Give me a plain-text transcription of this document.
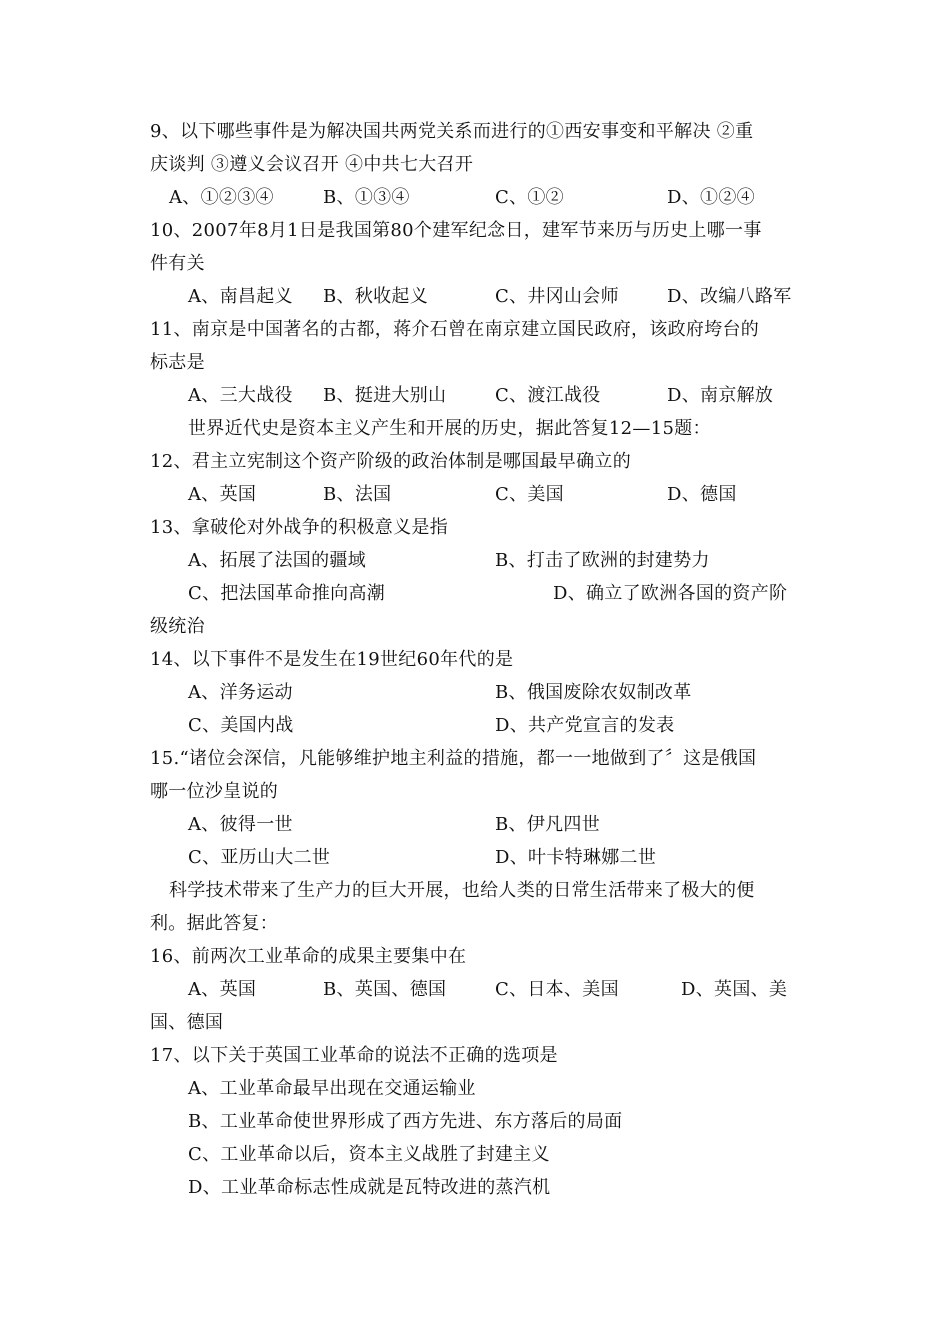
9、以下哪些事件是为解决国共两党关系而进行的①西安事变和平解决 ②重
庆谈判 ③遵义会议召开 ④中共七大召开
A、①②③④	B、①③④	C、①②	D、①②④
10、2007年8月1日是我国第80个建军纪念日，建军节来历与历史上哪一事
件有关
A、南昌起义 B、秋收起义	C、井冈山会师	D、改编八路军
11、南京是中国著名的古都，蒋介石曾在南京建立国民政府，该政府垮台的
标志是
A、三大战役 B、挺进大别山	C、渡江战役	D、南京解放
世界近代史是资本主义产生和开展的历史，据此答复12—15题：
12、君主立宪制这个资产阶级的政治体制是哪国最早确立的
A、英国	B、法国	C、美国	D、德国
13、拿破伦对外战争的积极意义是指
A、拓展了法国的疆域	B、打击了欧洲的封建势力
C、把法国革命推向高潮	D、确立了欧洲各国的资产阶
级统治
14、以下事件不是发生在19世纪60年代的是
A、洋务运动	B、俄国废除农奴制改革
C、美国内战	D、共产党宣言的发表
15.“诸位会深信，凡能够维护地主利益的措施，都一一地做到了〞这是俄国
哪一位沙皇说的
A、彼得一世	B、伊凡四世
C、亚历山大二世	D、叶卡特琳娜二世
科学技术带来了生产力的巨大开展，也给人类的日常生活带来了极大的便
利。据此答复：
16、前两次工业革命的成果主要集中在
A、英国	B、英国、德国	C、日本、美国	D、英国、美
国、德国
17、以下关于英国工业革命的说法不正确的选项是
A、工业革命最早出现在交通运输业
B、工业革命使世界形成了西方先进、东方落后的局面
C、工业革命以后，资本主义战胜了封建主义
D、工业革命标志性成就是瓦特改进的蒸汽机
